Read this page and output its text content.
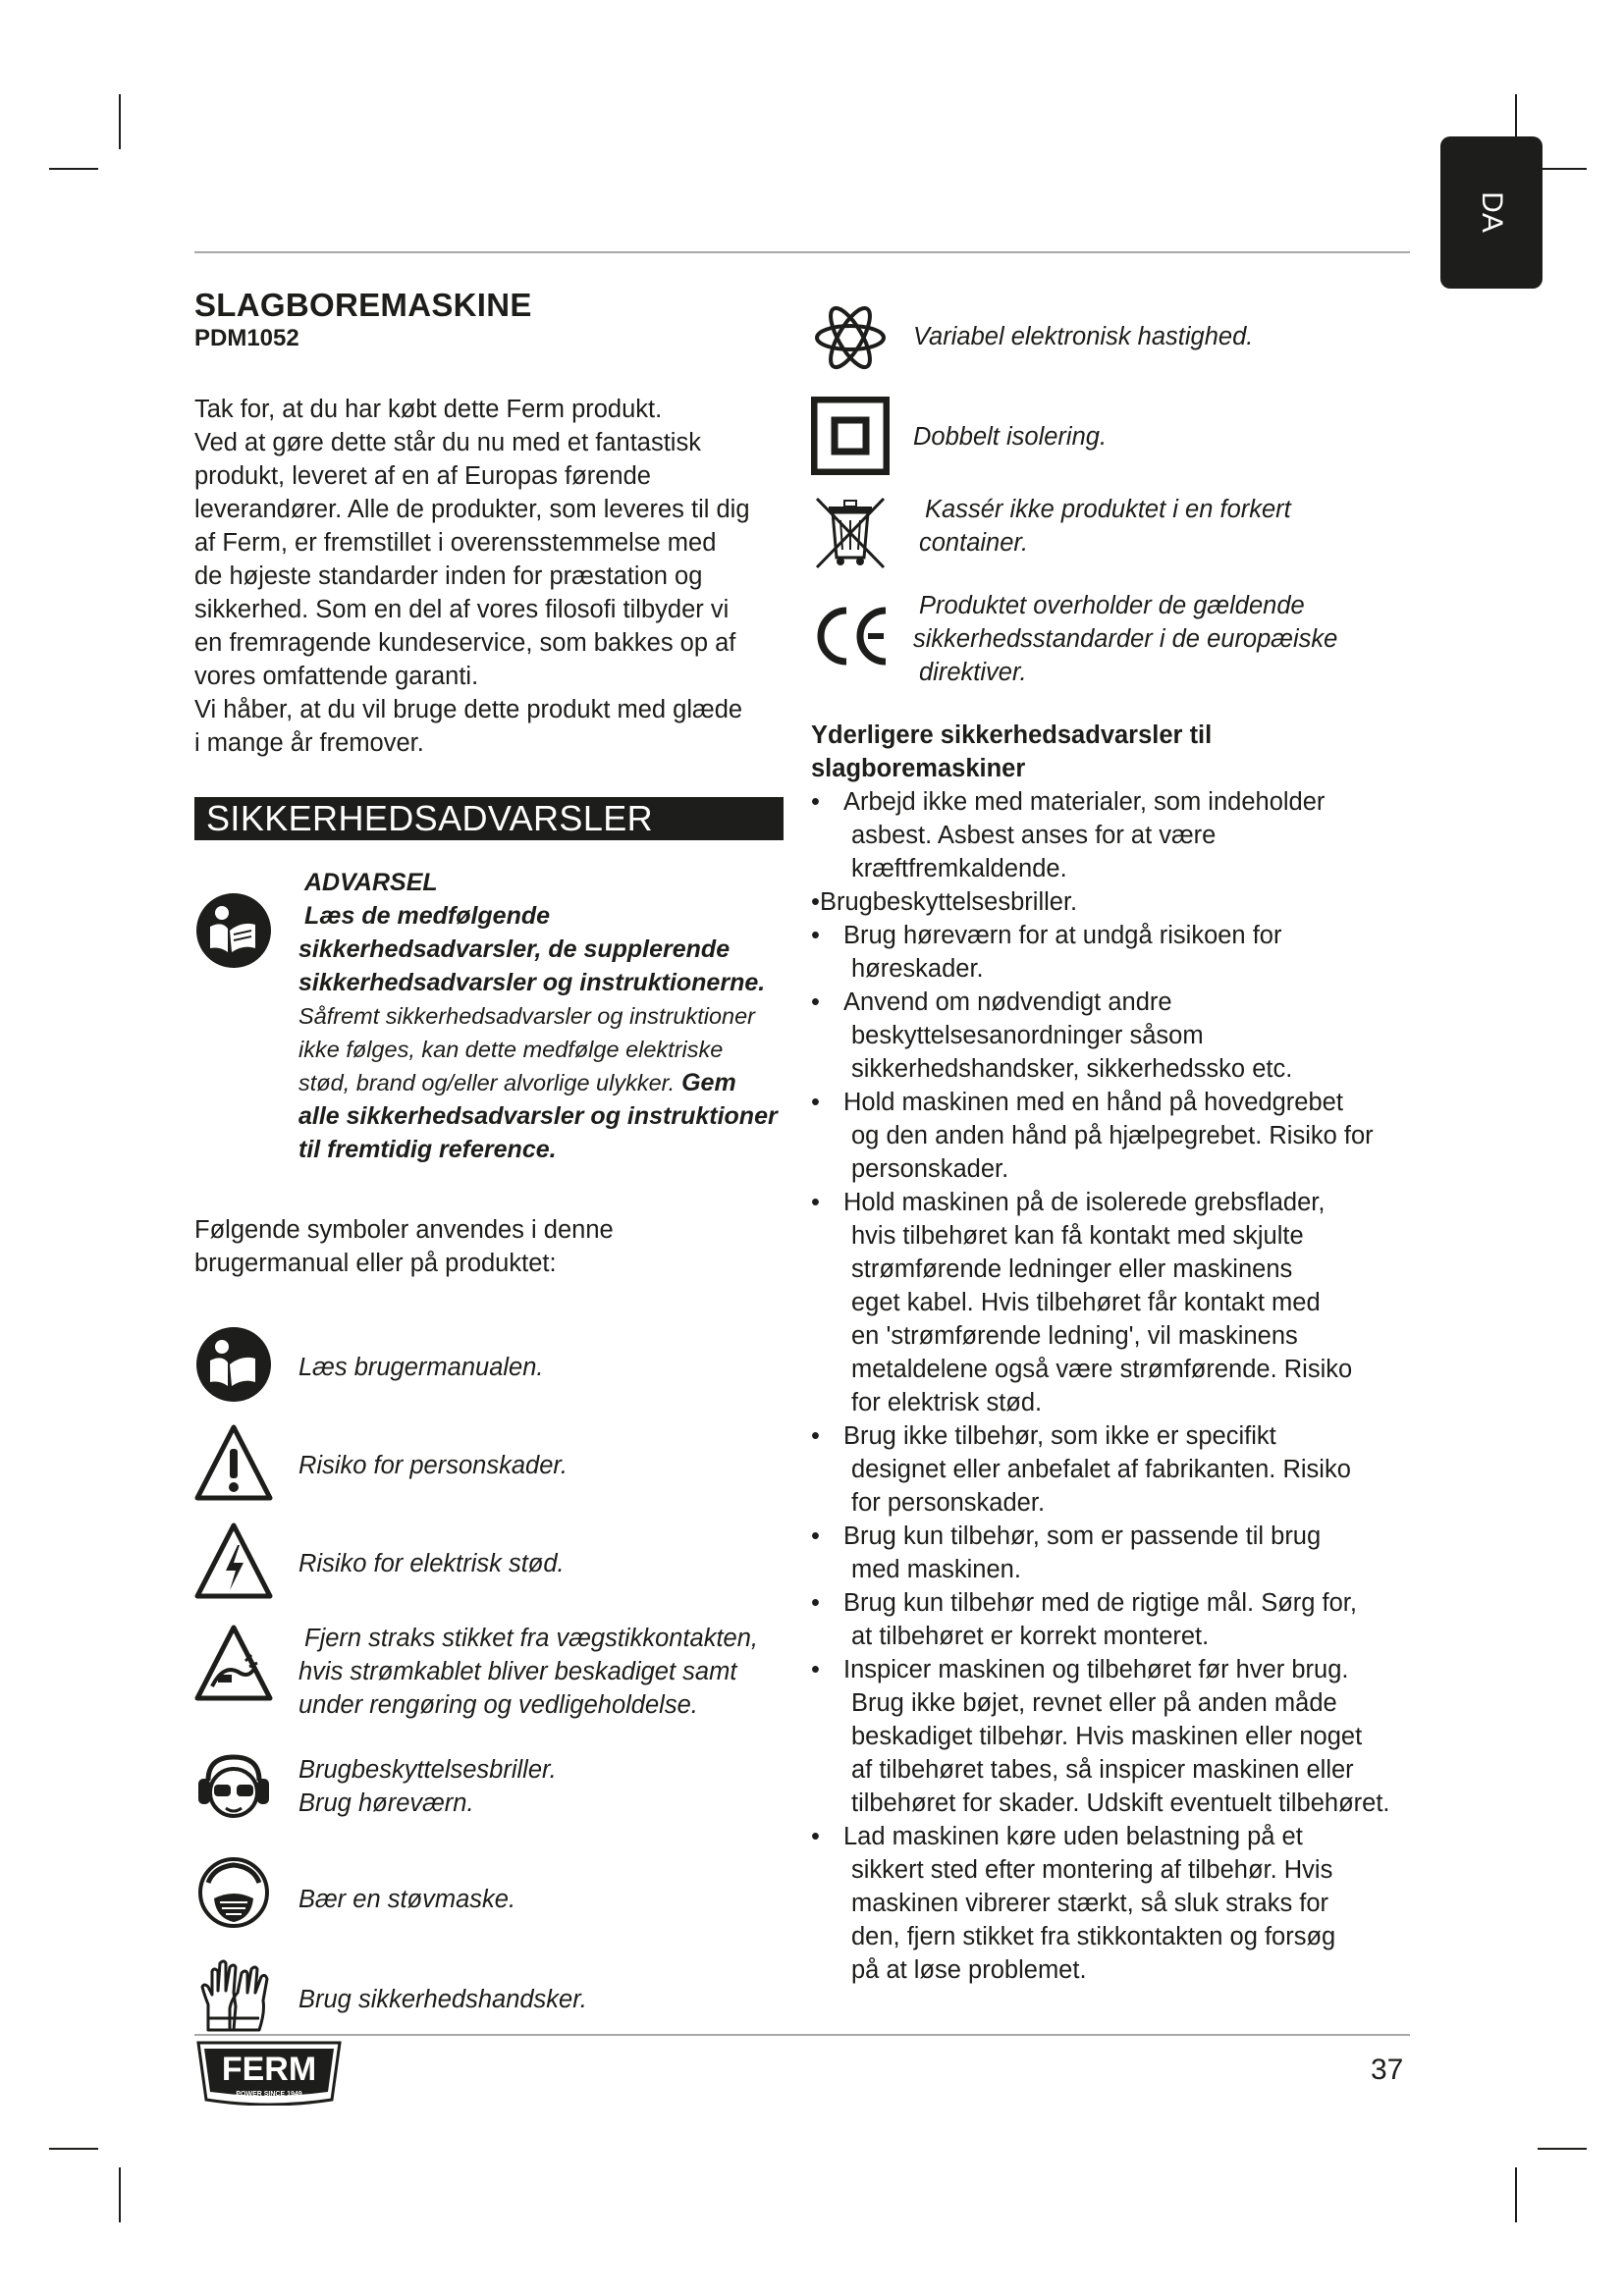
DA
SLAGBOREMASKINE

PDM1052

Tak for, at du har købt dette Ferm produkt.

Ved at gøre dette står du nu med et fantastisk

produkt, leveret af en af Europas førende

leverandører. Alle de produkter, som leveres til dig

af Ferm, er fremstillet i overensstemmelse med

de højeste standarder inden for præstation og

sikkerhed. Som en del af vores filosofi tilbyder vi

en fremragende kundeservice, som bakkes op af

vores omfattende garanti.

Vi håber, at du vil bruge dette produkt med glæde

i mange år fremover.

SIKKERHEDSADVARSLER
ADVARSEL
Læs de medfølgende
sikkerhedsadvarsler, de supplerende
sikkerhedsadvarsler og instruktionerne.
Såfremt sikkerhedsadvarsler og instruktioner
ikke følges, kan dette medfølge elektriske
stød, brand og/eller alvorlige ulykker. Gem
alle sikkerhedsadvarsler og instruktioner
til fremtidig reference.

Følgende symboler anvendes i denne

brugermanual eller på produktet:

Læs brugermanualen.
Risiko for personskader.
Risiko for elektrisk stød.
Fjern straks stikket fra vægstikkontakten,
hvis strømkablet bliver beskadiget samt
under rengøring og vedligeholdelse.
Brugbeskyttelsesbriller.
Brug høreværn.
Bær en støvmaske.
Brug sikkerhedshandsker.
Variabel elektronisk hastighed.
Dobbelt isolering.
Kassér ikke produktet i en forkert
container.
Produktet overholder de gældende
sikkerhedsstandarder i de europæiske
direktiver.
Yderligere sikkerhedsadvarsler til
slagboremaskiner
• Arbejd ikke med materialer, som indeholder
asbest. Asbest anses for at være
kræftfremkaldende.
•Brugbeskyttelsesbriller.
• Brug høreværn for at undgå risikoen for
høreskader.
• Anvend om nødvendigt andre
beskyttelsesanordninger såsom
sikkerhedshandsker, sikkerhedssko etc.
• Hold maskinen med en hånd på hovedgrebet
og den anden hånd på hjælpegrebet. Risiko for
personskader.
• Hold maskinen på de isolerede grebsflader,
hvis tilbehøret kan få kontakt med skjulte
strømførende ledninger eller maskinens
eget kabel. Hvis tilbehøret får kontakt med
en 'strømførende ledning', vil maskinens
metaldelene også være strømførende. Risiko
for elektrisk stød.
• Brug ikke tilbehør, som ikke er specifikt
designet eller anbefalet af fabrikanten. Risiko
for personskader.
• Brug kun tilbehør, som er passende til brug
med maskinen.
• Brug kun tilbehør med de rigtige mål. Sørg for,
at tilbehøret er korrekt monteret.
• Inspicer maskinen og tilbehøret før hver brug.
Brug ikke bøjet, revnet eller på anden måde
beskadiget tilbehør. Hvis maskinen eller noget
af tilbehøret tabes, så inspicer maskinen eller
tilbehøret for skader. Udskift eventuelt tilbehøret.
• Lad maskinen køre uden belastning på et
sikkert sted efter montering af tilbehør. Hvis
maskinen vibrerer stærkt, så sluk straks for
den, fjern stikket fra stikkontakten og forsøg
på at løse problemet.
FERM
POWER SINCE 1949
37
